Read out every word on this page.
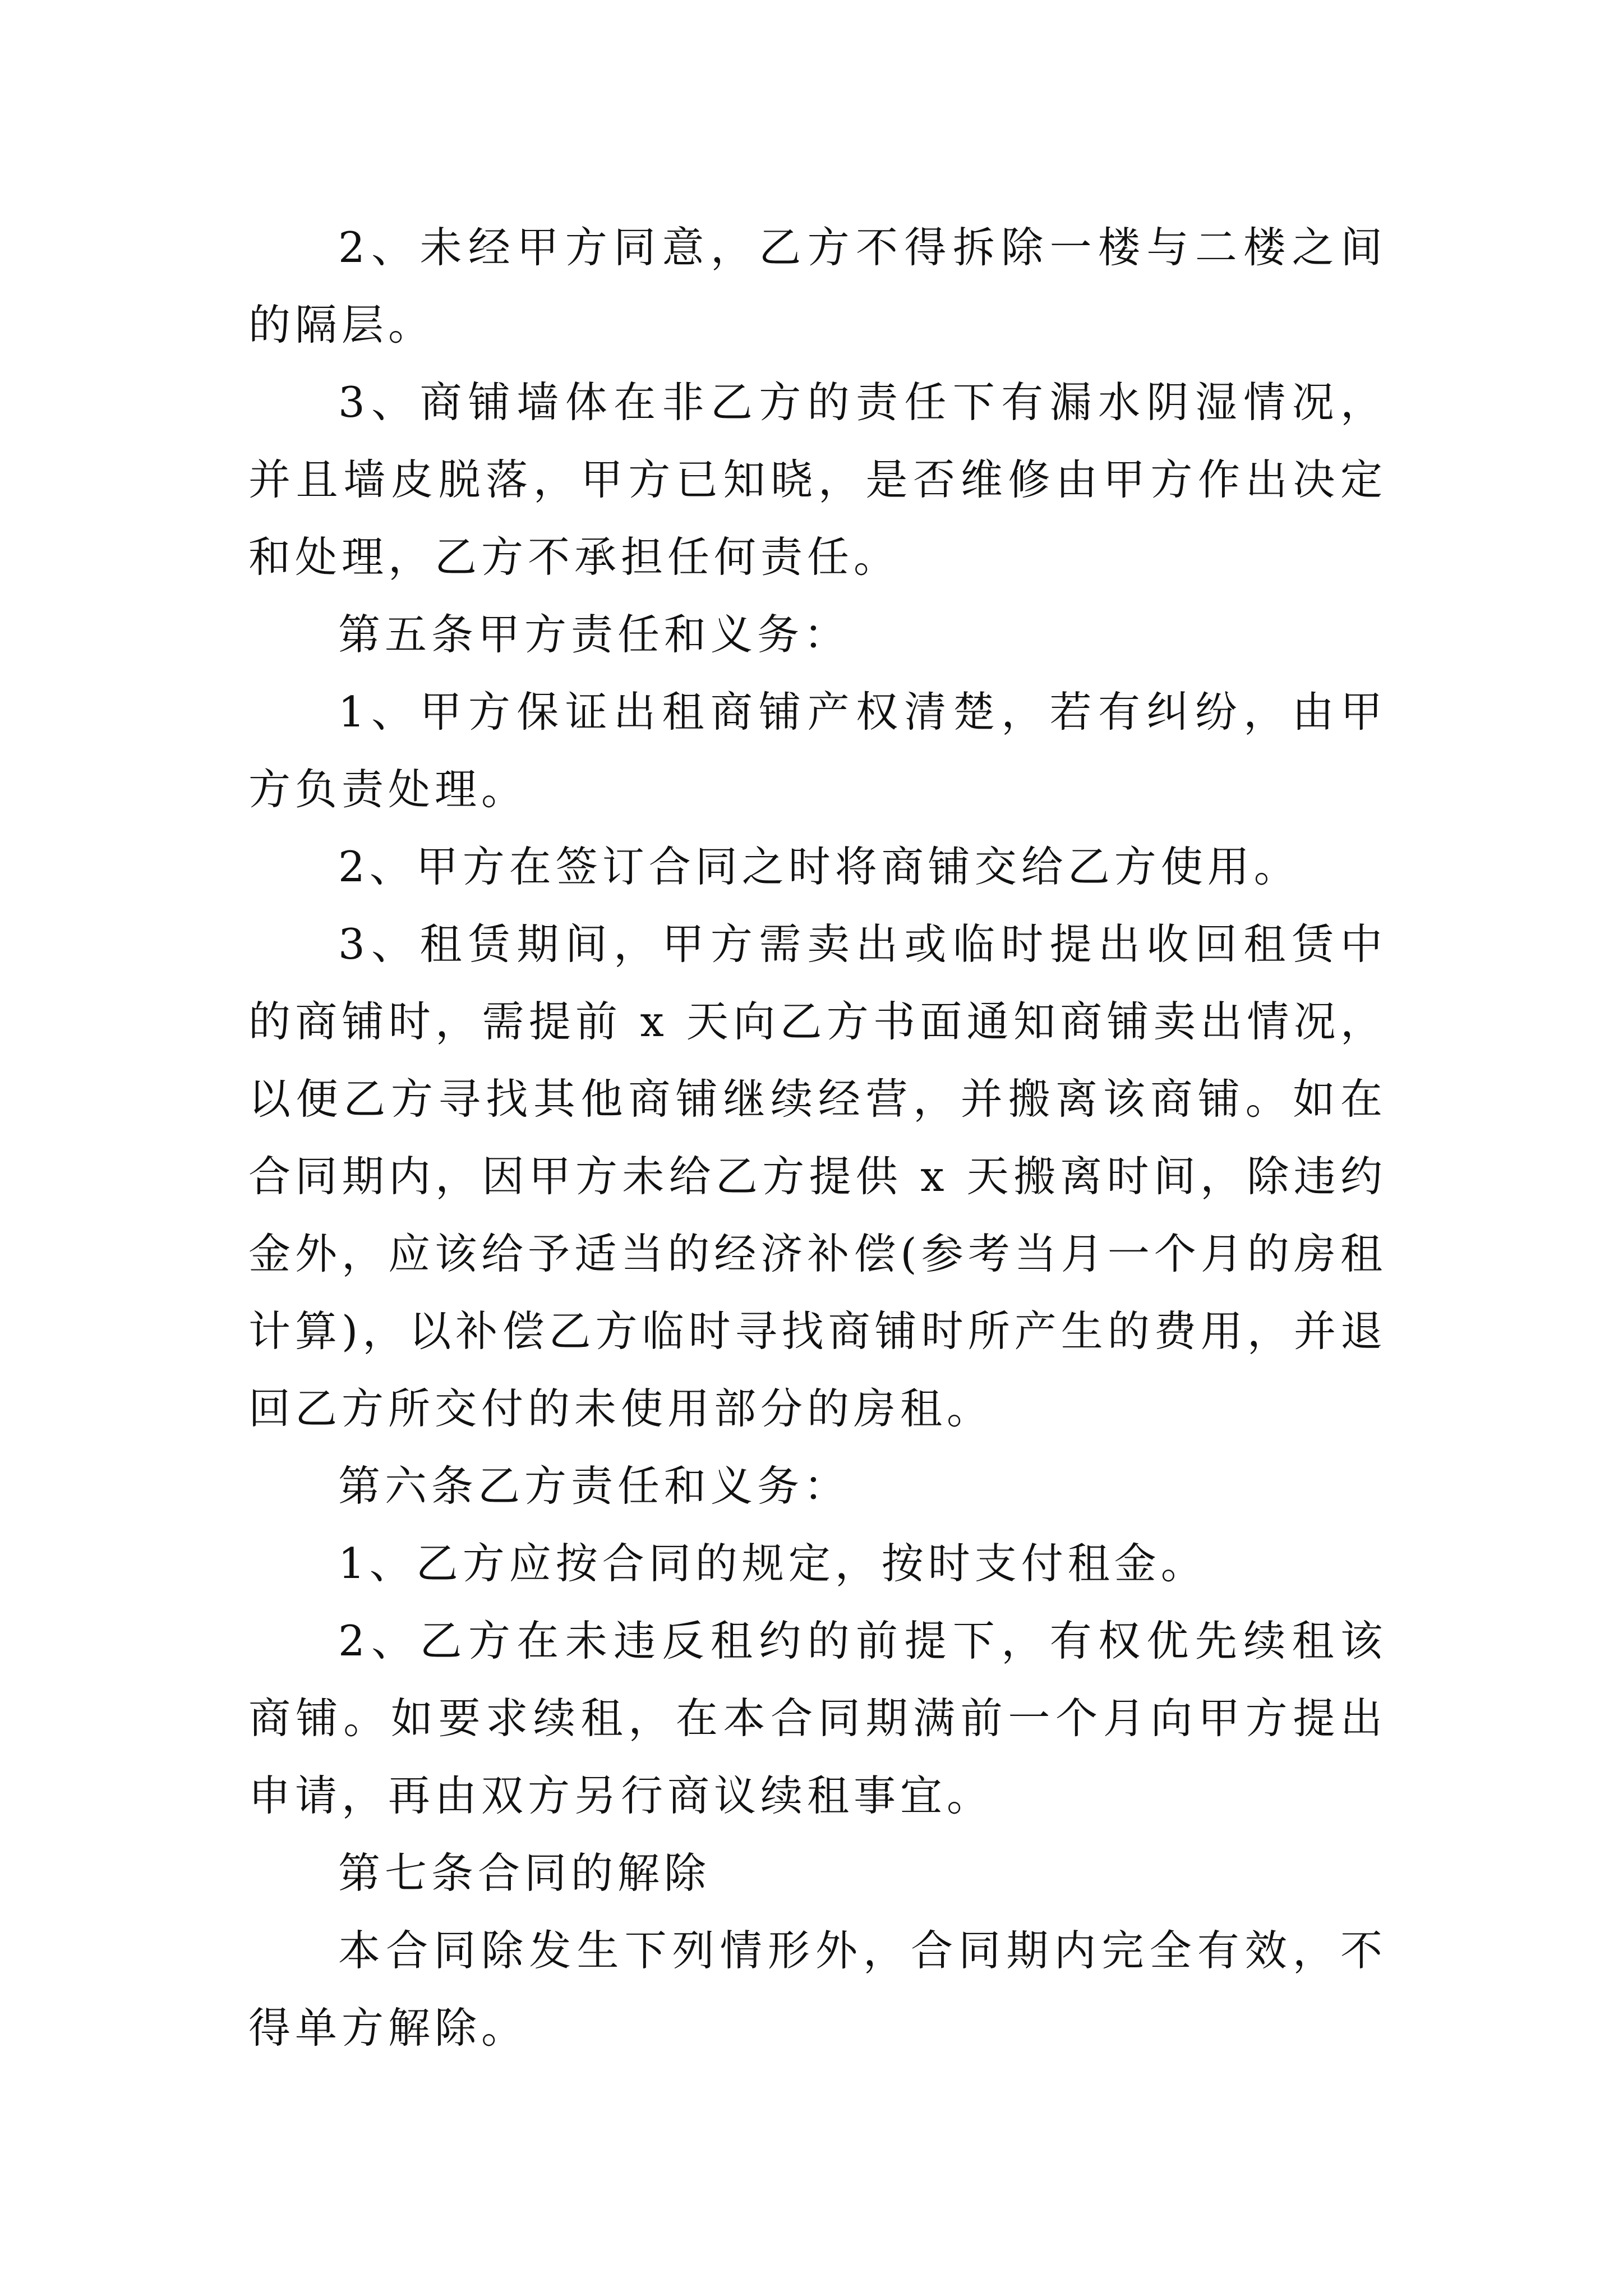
2、未经甲方同意，乙方不得拆除一楼与二楼之间的隔层。

3、商铺墙体在非乙方的责任下有漏水阴湿情况，并且墙皮脱落，甲方已知晓，是否维修由甲方作出决定和处理，乙方不承担任何责任。

第五条甲方责任和义务：

1、甲方保证出租商铺产权清楚，若有纠纷，由甲方负责处理。

2、甲方在签订合同之时将商铺交给乙方使用。

3、租赁期间，甲方需卖出或临时提出收回租赁中的商铺时，需提前 x 天向乙方书面通知商铺卖出情况，以便乙方寻找其他商铺继续经营，并搬离该商铺。如在合同期内，因甲方未给乙方提供 x 天搬离时间，除违约金外，应该给予适当的经济补偿(参考当月一个月的房租计算)，以补偿乙方临时寻找商铺时所产生的费用，并退回乙方所交付的未使用部分的房租。

第六条乙方责任和义务：

1、乙方应按合同的规定，按时支付租金。

2、乙方在未违反租约的前提下，有权优先续租该商铺。如要求续租，在本合同期满前一个月向甲方提出申请，再由双方另行商议续租事宜。

第七条合同的解除

本合同除发生下列情形外，合同期内完全有效，不得单方解除。
